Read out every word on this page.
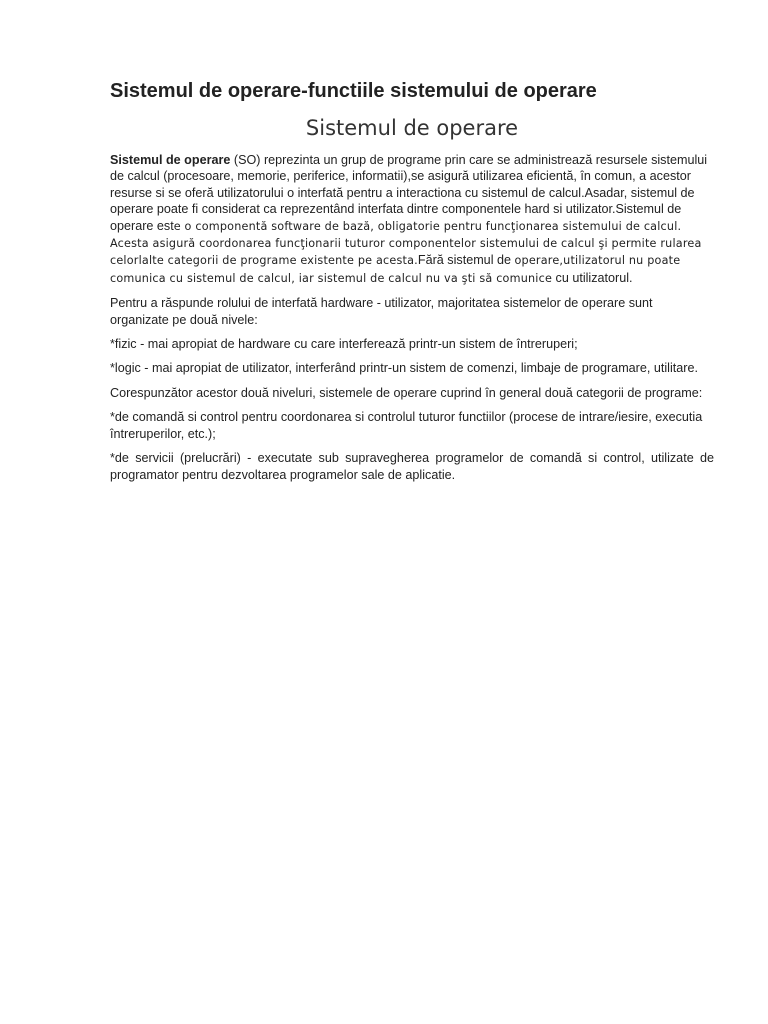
Sistemul de operare-functiile sistemului de operare
Sistemul de operare

Sistemul de operare (SO) reprezinta un grup de programe prin care se administrează resursele sistemului de calcul (procesoare, memorie, periferice, informatii),se asigură utilizarea eficientă, în comun, a acestor resurse si se oferă utilizatorului o interfată pentru a interactiona cu sistemul de calcul.Asadar, sistemul de operare poate fi considerat ca reprezentând interfata dintre componentele hard si utilizator.Sistemul de operare este o componentă software de bază, obligatorie pentru funcţionarea sistemului de calcul. Acesta asigură coordonarea funcţionarii tuturor componentelor sistemului de calcul şi permite rularea celorlalte categorii de programe existente pe acesta.Fără sistemul de operare,utilizatorul nu poate comunica cu sistemul de calcul, iar sistemul de calcul nu va şti să comunice cu utilizatorul.

Pentru a răspunde rolului de interfată hardware - utilizator, majoritatea sistemelor de operare sunt organizate pe două nivele:

*fizic - mai apropiat de hardware cu care interferează printr-un sistem de întreruperi;

*logic - mai apropiat de utilizator, interferând printr-un sistem de comenzi, limbaje de programare, utilitare.

Corespunzător acestor două niveluri, sistemele de operare cuprind în general două categorii de programe:

*de comandă si control pentru coordonarea si controlul tuturor functiilor (procese de intrare/iesire, executia întreruperilor, etc.);

*de servicii (prelucrări) - executate sub supravegherea programelor de comandă si control, utilizate de programator pentru dezvoltarea programelor sale de aplicatie.
